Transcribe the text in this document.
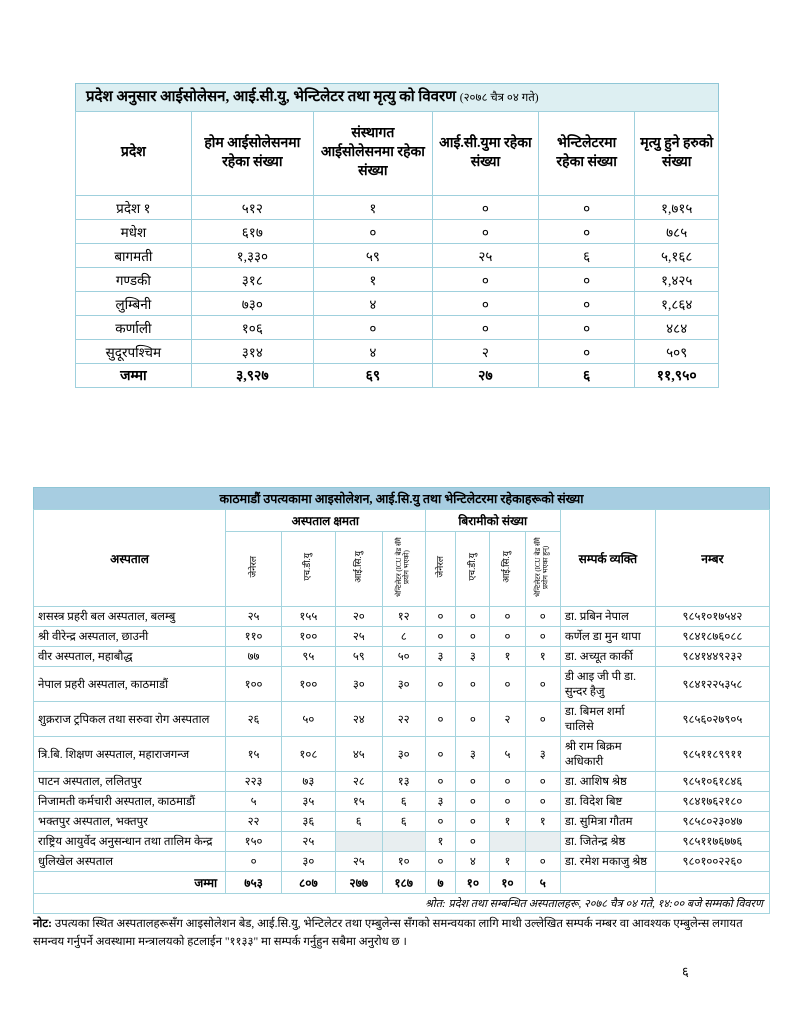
प्रदेश अनुसार आईसोलेसन, आई.सी.यु, भेन्टिलेटर तथा मृत्यु को विवरण (२०७८ चैत्र ०४ गते)
प्रदेश	होम आईसोलेसनमा रहेका संख्या	संस्थागत आईसोलेसनमा रहेका संख्या	आई.सी.युमा रहेका संख्या	भेन्टिलेटरमा रहेका संख्या	मृत्यु हुने हरुको संख्या
प्रदेश १	५१२	१	०	०	१,७१५
मधेश	६१७	०	०	०	७८५
बागमती	१,३३०	५९	२५	६	५,१६८
गण्डकी	३१८	१	०	०	१,४२५
लुम्बिनी	७३०	४	०	०	१,८६४
कर्णाली	१०६	०	०	०	४८४
सुदूरपश्चिम	३१४	४	२	०	५०९
जम्मा	३,९२७	६९	२७	६	११,९५०
काठमाडौं उपत्यकामा आइसोलेशन, आई.सि.यु तथा भेन्टिलेटरमा रहेकाहरूको संख्या
अस्पताल	अस्पताल क्षमता				बिरामीको संख्या				सम्पर्क व्यक्ति	नम्बर
	जेनेरल	एच.डी.यु	आई.सि.यु	भेन्टिलेटर (ICU बेड सँगै प्रयोग भएको)	जेनेरल	एच.डी.यु	आई.सि.यु	भेन्टिलेटर (ICU बेड सँगै प्रयोग भएका हुन्)		
शसस्त्र प्रहरी बल अस्पताल, बलम्बु	२५	१५५	२०	१२	०	०	०	०	डा. प्रबिन नेपाल	९८५१०१७५४२
श्री वीरेन्द्र अस्पताल, छाउनी	११०	१००	२५	८	०	०	०	०	कर्णेल डा मुन थापा	९८४१८७६०८८
वीर अस्पताल, महाबौद्ध	७७	९५	५९	५०	३	३	१	१	डा. अच्यूत कार्की	९८४१४४९२३२
नेपाल प्रहरी अस्पताल, काठमाडौं	१००	१००	३०	३०	०	०	०	०	डी आइ जी पी डा. सुन्दर हैजु	९८४१२२५३५८
शुक्रराज ट्रपिकल तथा सरुवा रोग अस्पताल	२६	५०	२४	२२	०	०	२	०	डा. बिमल शर्मा चालिसे	९८५६०२७९०५
त्रि.बि. शिक्षण अस्पताल, महाराजगन्ज	१५	१०८	४५	३०	०	३	५	३	श्री राम बिक्रम अधिकारी	९८५११८९९११
पाटन अस्पताल, ललितपुर	२२३	७३	२८	१३	०	०	०	०	डा. आशिष श्रेष्ठ	९८५१०६१८४६
निजामती कर्मचारी अस्पताल, काठमाडौं	५	३५	१५	६	३	०	०	०	डा. विदेश बिष्ट	९८४१७६२१८०
भक्तपुर अस्पताल, भक्तपुर	२२	३६	६	६	०	०	१	१	डा. सुमित्रा गौतम	९८५८०२३०४७
राष्ट्रिय आयुर्वेद अनुसन्धान तथा तालिम केन्द्र	१५०	२५			१	०			डा. जितेन्द्र श्रेष्ठ	९८५११७६७७६
धुलिखेल अस्पताल	०	३०	२५	१०	०	४	१	०	डा. रमेश मकाजु श्रेष्ठ	९८०१००२२६०
जम्मा	७५३	८०७	२७७	१८७	७	१०	१०	५		
श्रोत: प्रदेश तथा सम्बन्धित अस्पतालहरू, २०७८ चैत्र ०४ गते, १४:०० बजे सम्मको विवरण										
नोट: उपत्यका स्थित अस्पतालहरूसँग आइसोलेशन बेड, आई.सि.यु, भेन्टिलेटर तथा एम्बुलेन्स सँगको समन्वयका लागि माथी उल्लेखित सम्पर्क नम्बर वा आवश्यक एम्बुलेन्स लगायत समन्वय गर्नुपर्ने अवस्थामा मन्त्रालयको हटलाईन "११३३" मा सम्पर्क गर्नुहुन सबैमा अनुरोध छ ।
६
